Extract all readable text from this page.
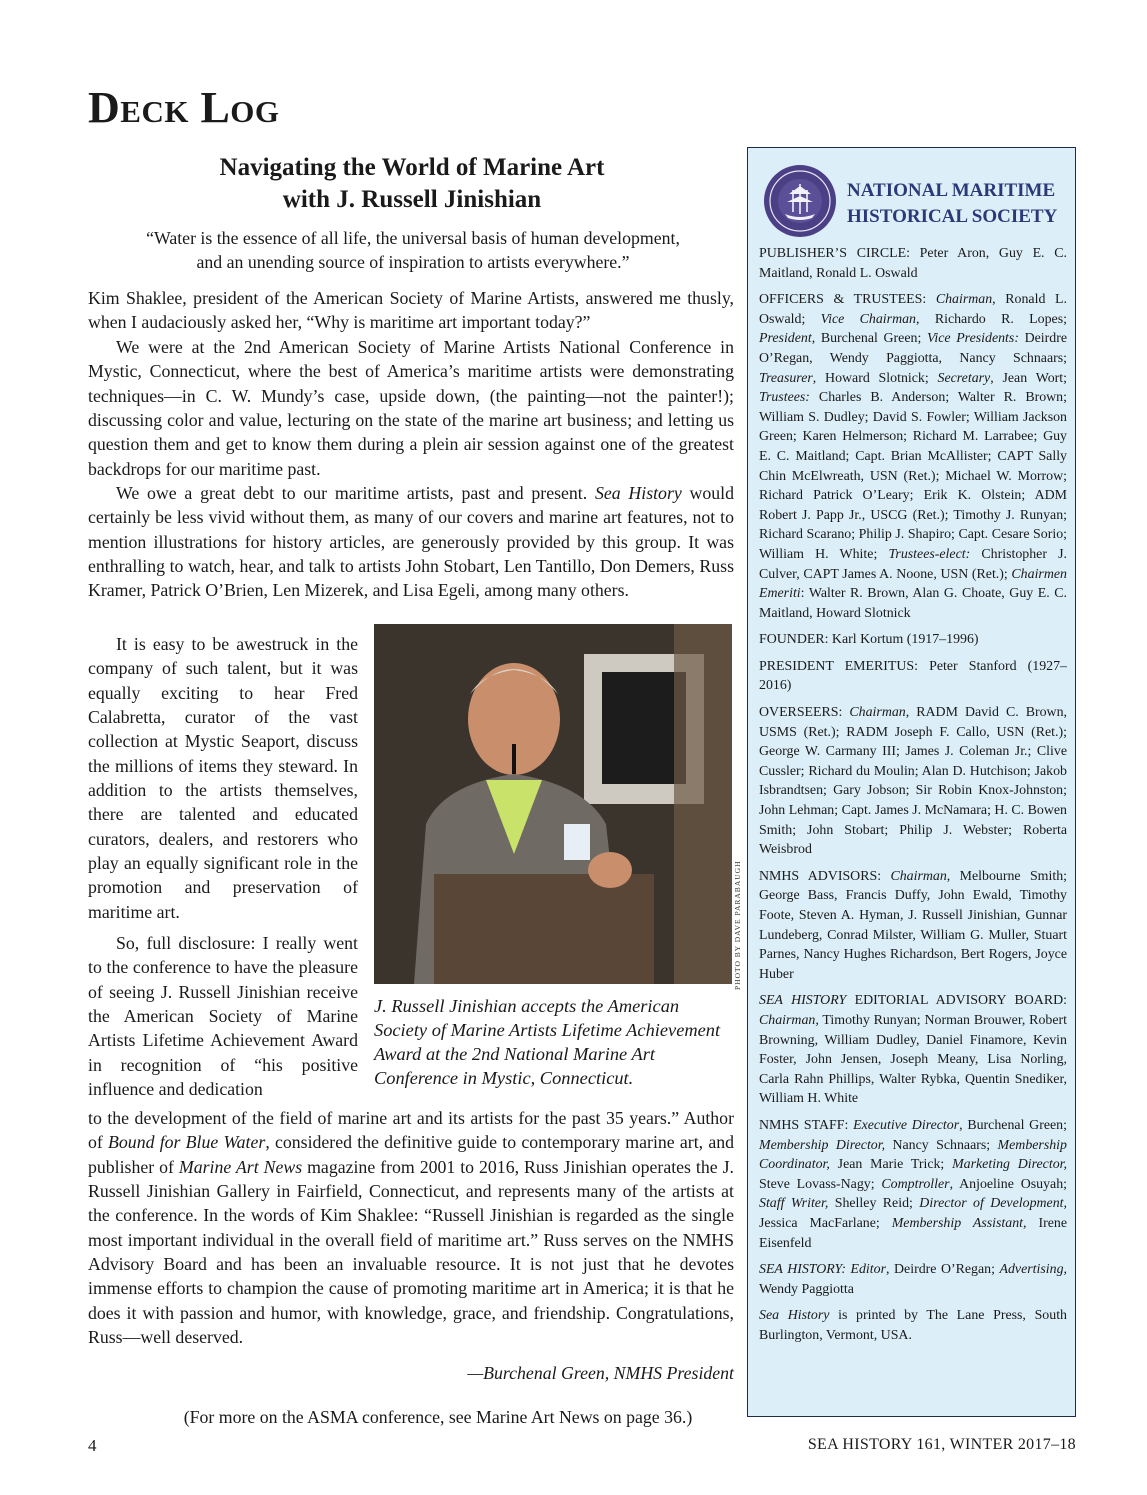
Deck Log
Navigating the World of Marine Art
with J. Russell Jinishian
“Water is the essence of all life, the universal basis of human development,
and an unending source of inspiration to artists everywhere.”

Kim Shaklee, president of the American Society of Marine Artists, answered me thusly, when I audaciously asked her, “Why is maritime art important today?”

We were at the 2nd American Society of Marine Artists National Conference in Mystic, Connecticut, where the best of America’s maritime artists were demonstrating techniques—in C. W. Mundy’s case, upside down, (the painting—not the painter!); discussing color and value, lecturing on the state of the marine art business; and letting us question them and get to know them during a plein air session against one of the greatest backdrops for our maritime past.

We owe a great debt to our maritime artists, past and present. Sea History would certainly be less vivid without them, as many of our covers and marine art features, not to mention illustrations for history articles, are generously provided by this group. It was enthralling to watch, hear, and talk to artists John Stobart, Len Tantillo, Don Demers, Russ Kramer, Patrick O’Brien, Len Mizerek, and Lisa Egeli, among many others.

It is easy to be awestruck in the company of such talent, but it was equally exciting to hear Fred Calabretta, curator of the vast collection at Mystic Seaport, discuss the millions of items they steward. In addition to the artists themselves, there are talented and educated curators, dealers, and restorers who play an equally significant role in the promotion and preservation of maritime art.

So, full disclosure: I really went to the conference to have the pleasure of seeing J. Russell Jinishian receive the American Society of Marine Artists Lifetime Achievement Award in recognition of “his positive influence and dedication

to the development of the field of marine art and its artists for the past 35 years.” Author of Bound for Blue Water, considered the definitive guide to contemporary marine art, and publisher of Marine Art News magazine from 2001 to 2016, Russ Jinishian operates the J. Russell Jinishian Gallery in Fairfield, Connecticut, and represents many of the artists at the conference. In the words of Kim Shaklee: “Russell Jinishian is regarded as the single most important individual in the overall field of maritime art.” Russ serves on the NMHS Advisory Board and has been an invaluable resource. It is not just that he devotes immense efforts to champion the cause of promoting maritime art in America; it is that he does it with passion and humor, with knowledge, grace, and friendship. Congratulations, Russ—well deserved.

PHOTO BY DAVE PARABAUGH
J. Russell Jinishian accepts the American Society of Marine Artists Lifetime Achievement Award at the 2nd National Marine Art Conference in Mystic, Connecticut.
—Burchenal Green, NMHS President
(For more on the ASMA conference, see Marine Art News on page 36.)
4	SEA HISTORY 161, WINTER 2017–18
NATIONAL MARITIME
HISTORICAL SOCIETY

PUBLISHER’S CIRCLE: Peter Aron, Guy E. C. Maitland, Ronald L. Oswald

OFFICERS & TRUSTEES: Chairman, Ronald L. Oswald; Vice Chairman, Richardo R. Lopes; President, Burchenal Green; Vice Presidents: Deirdre O’Regan, Wendy Paggiotta, Nancy Schnaars; Treasurer, Howard Slotnick; Secretary, Jean Wort; Trustees: Charles B. Anderson; Walter R. Brown; William S. Dudley; David S. Fowler; William Jackson Green; Karen Helmerson; Richard M. Larrabee; Guy E. C. Maitland; Capt. Brian McAllister; CAPT Sally Chin McElwreath, USN (Ret.); Michael W. Morrow; Richard Patrick O’Leary; Erik K. Olstein; ADM Robert J. Papp Jr., USCG (Ret.); Timothy J. Runyan; Richard Scarano; Philip J. Shapiro; Capt. Cesare Sorio; William H. White; Trustees-elect: Christopher J. Culver, CAPT James A. Noone, USN (Ret.); Chairmen Emeriti: Walter R. Brown, Alan G. Choate, Guy E. C. Maitland, Howard Slotnick

FOUNDER: Karl Kortum (1917–1996)

PRESIDENT EMERITUS: Peter Stanford (1927–2016)

OVERSEERS: Chairman, RADM David C. Brown, USMS (Ret.); RADM Joseph F. Callo, USN (Ret.); George W. Carmany III; James J. Coleman Jr.; Clive Cussler; Richard du Moulin; Alan D. Hutchison; Jakob Isbrandtsen; Gary Jobson; Sir Robin Knox-Johnston; John Lehman; Capt. James J. McNamara; H. C. Bowen Smith; John Stobart; Philip J. Webster; Roberta Weisbrod

NMHS ADVISORS: Chairman, Melbourne Smith; George Bass, Francis Duffy, John Ewald, Timothy Foote, Steven A. Hyman, J. Russell Jinishian, Gunnar Lundeberg, Conrad Milster, William G. Muller, Stuart Parnes, Nancy Hughes Richardson, Bert Rogers, Joyce Huber

SEA HISTORY EDITORIAL ADVISORY BOARD: Chairman, Timothy Runyan; Norman Brouwer, Robert Browning, William Dudley, Daniel Finamore, Kevin Foster, John Jensen, Joseph Meany, Lisa Norling, Carla Rahn Phillips, Walter Rybka, Quentin Snediker, William H. White

NMHS STAFF: Executive Director, Burchenal Green; Membership Director, Nancy Schnaars; Membership Coordinator, Jean Marie Trick; Marketing Director, Steve Lovass-Nagy; Comptroller, Anjoeline Osuyah; Staff Writer, Shelley Reid; Director of Development, Jessica MacFarlane; Membership Assistant, Irene Eisenfeld

SEA HISTORY: Editor, Deirdre O’Regan; Advertising, Wendy Paggiotta

Sea History is printed by The Lane Press, South Burlington, Vermont, USA.
